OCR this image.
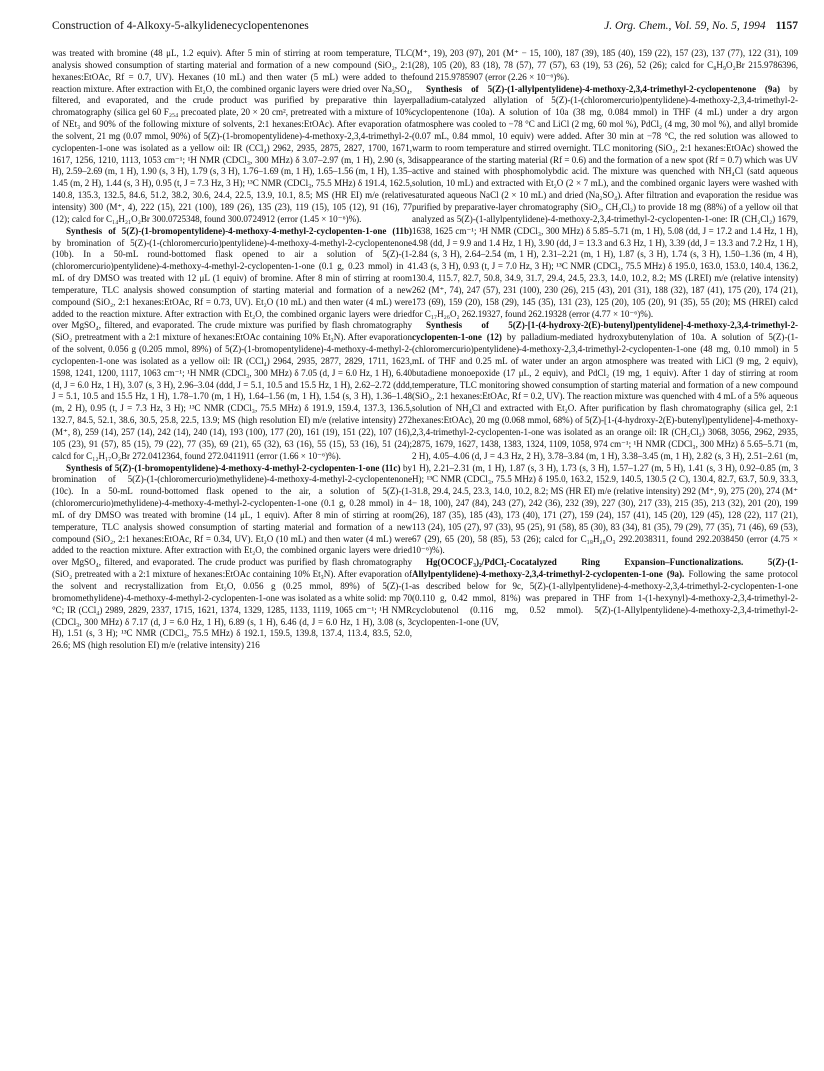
Construction of 4-Alkoxy-5-alkylidenecyclopentenones	J. Org. Chem., Vol. 59, No. 5, 1994 1157

was treated with bromine (48 μL, 1.2 equiv). After 5 min of stirring at room temperature, TLC analysis showed consumption of starting material and formation of a new compound (SiO₂, 2:1 hexanes:EtOAc, Rf = 0.7, UV). Hexanes (10 mL) and then water (5 mL) were added to the reaction mixture. After extraction with Et₂O, the combined organic layers were dried over Na₂SO₄, filtered, and evaporated, and the crude product was purified by preparative thin layer chromatography (silica gel 60 F₂₅₄ precoated plate, 20 × 20 cm², pretreated with a mixture of 10% of NEt₃ and 90% of the following mixture of solvents, 2:1 hexanes:EtOAc). After evaporation of the solvent, 21 mg (0.07 mmol, 90%) of 5(Z)-(1-bromopentylidene)-4-methoxy-2,3,4-trimethyl-2-cyclopenten-1-one was isolated as a yellow oil: IR (CCl₄) 2962, 2935, 2875, 2827, 1700, 1671, 1617, 1256, 1210, 1113, 1053 cm⁻¹; ¹H NMR (CDCl₃, 300 MHz) δ 3.07–2.97 (m, 1 H), 2.90 (s, 3 H), 2.59–2.69 (m, 1 H), 1.90 (s, 3 H), 1.79 (s, 3 H), 1.76–1.69 (m, 1 H), 1.65–1.56 (m, 1 H), 1.35–1.45 (m, 2 H), 1.44 (s, 3 H), 0.95 (t, J = 7.3 Hz, 3 H); ¹³C NMR (CDCl₃, 75.5 MHz) δ 191.4, 162.5, 140.8, 135.3, 132.5, 84.6, 51.2, 38.2, 30.6, 24.4, 22.5, 13.9, 10.1, 8.5; MS (HR EI) m/e (relative intensity) 300 (M⁺, 4), 222 (15), 221 (100), 189 (26), 135 (23), 119 (15), 105 (12), 91 (16), 77 (12); calcd for C₁₄H₂₁O₂Br 300.0725348, found 300.0724912 (error (1.45 × 10⁻⁶)%).

Synthesis of 5(Z)-(1-bromopentylidene)-4-methoxy-4-methyl-2-cyclopenten-1-one (11b) by bromination of 5(Z)-(1-(chloromercurio)pentylidene)-4-methoxy-4-methyl-2-cyclopentenone (10b). In a 50-mL round-bottomed flask opened to air a solution of 5(Z)-(1-(chloromercurio)pentylidene)-4-methoxy-4-methyl-2-cyclopenten-1-one (0.1 g, 0.23 mmol) in 4 mL of dry DMSO was treated with 12 μL (1 equiv) of bromine. After 8 min of stirring at room temperature, TLC analysis showed consumption of starting material and formation of a new compound (SiO₂, 2:1 hexanes:EtOAc, Rf = 0.73, UV). Et₂O (10 mL) and then water (4 mL) were added to the reaction mixture. After extraction with Et₂O, the combined organic layers were dried over MgSO₄, filtered, and evaporated. The crude mixture was purified by flash chromatography (SiO₂ pretreatment with a 2:1 mixture of hexanes:EtOAc containing 10% Et₃N). After evaporation of the solvent, 0.056 g (0.205 mmol, 89%) of 5(Z)-(1-bromopentylidene)-4-methoxy-4-methyl-2-cyclopenten-1-one was isolated as a yellow oil: IR (CCl₄) 2964, 2935, 2877, 2829, 1711, 1623, 1598, 1241, 1200, 1117, 1063 cm⁻¹; ¹H NMR (CDCl₃, 300 MHz) δ 7.05 (d, J = 6.0 Hz, 1 H), 6.40 (d, J = 6.0 Hz, 1 H), 3.07 (s, 3 H), 2.96–3.04 (ddd, J = 5.1, 10.5 and 15.5 Hz, 1 H), 2.62–2.72 (ddd, J = 5.1, 10.5 and 15.5 Hz, 1 H), 1.78–1.70 (m, 1 H), 1.64–1.56 (m, 1 H), 1.54 (s, 3 H), 1.36–1.48 (m, 2 H), 0.95 (t, J = 7.3 Hz, 3 H); ¹³C NMR (CDCl₃, 75.5 MHz) δ 191.9, 159.4, 137.3, 136.5, 132.7, 84.5, 52.1, 38.6, 30.5, 25.8, 22.5, 13.9; MS (high resolution EI) m/e (relative intensity) 272 (M⁺, 8), 259 (14), 257 (14), 242 (14), 240 (14), 193 (100), 177 (20), 161 (19), 151 (22), 107 (16), 105 (23), 91 (57), 85 (15), 79 (22), 77 (35), 69 (21), 65 (32), 63 (16), 55 (15), 53 (16), 51 (24); calcd for C₁₂H₁₇O₂Br 272.0412364, found 272.0411911 (error (1.66 × 10⁻⁶)%).

Synthesis of 5(Z)-(1-bromopentylidene)-4-methoxy-4-methyl-2-cyclopenten-1-one (11c) by bromination of 5(Z)-(1-(chloromercurio)methylidene)-4-methoxy-4-methyl-2-cyclopentenone (10c). In a 50-mL round-bottomed flask opened to the air, a solution of 5(Z)-(1-(chloromercurio)methylidene)-4-methoxy-4-methyl-2-cyclopenten-1-one (0.1 g, 0.28 mmol) in 4 mL of dry DMSO was treated with bromine (14 μL, 1 equiv). After 8 min of stirring at room temperature, TLC analysis showed consumption of starting material and formation of a new compound (SiO₂, 2:1 hexanes:EtOAc, Rf = 0.34, UV). Et₂O (10 mL) and then water (4 mL) were added to the reaction mixture. After extraction with Et₂O, the combined organic layers were dried over MgSO₄, filtered, and evaporated. The crude product was purified by flash chromatography (SiO₂ pretreated with a 2:1 mixture of hexanes:EtOAc containing 10% Et₃N). After evaporation of the solvent and recrystallization from Et₂O, 0.056 g (0.25 mmol, 89%) of 5(Z)-(1-bromomethylidene)-4-methoxy-4-methyl-2-cyclopenten-1-one was isolated as a white solid: mp 70 °C; IR (CCl₄) 2989, 2829, 2337, 1715, 1621, 1374, 1329, 1285, 1133, 1119, 1065 cm⁻¹; ¹H NMR (CDCl₃, 300 MHz) δ 7.17 (d, J = 6.0 Hz, 1 H), 6.89 (s, 1 H), 6.46 (d, J = 6.0 Hz, 1 H), 3.08 (s, 3 H), 1.51 (s, 3 H); ¹³C NMR (CDCl₃, 75.5 MHz) δ 192.1, 159.5, 139.8, 137.4, 113.4, 83.5, 52.0, 26.6; MS (high resolution EI) m/e (relative intensity) 216

(M⁺, 19), 203 (97), 201 (M⁺ − 15, 100), 187 (39), 185 (40), 159 (22), 157 (23), 137 (77), 122 (31), 109 (28), 105 (20), 83 (18), 78 (57), 77 (57), 63 (19), 53 (26), 52 (26); calcd for C₈H₉O₂Br 215.9786396, found 215.9785907 (error (2.26 × 10⁻⁶)%).

Synthesis of 5(Z)-(1-allylpentylidene)-4-methoxy-2,3,4-trimethyl-2-cyclopentenone (9a) by palladium-catalyzed allylation of 5(Z)-(1-(chloromercurio)pentylidene)-4-methoxy-2,3,4-trimethyl-2-cyclopentenone (10a). A solution of 10a (38 mg, 0.084 mmol) in THF (4 mL) under a dry argon atmosphere was cooled to −78 °C and LiCl (2 mg, 60 mol %), PdCl₂ (4 mg, 30 mol %), and allyl bromide (0.07 mL, 0.84 mmol, 10 equiv) were added. After 30 min at −78 °C, the red solution was allowed to warm to room temperature and stirred overnight. TLC monitoring (SiO₂, 2:1 hexanes:EtOAc) showed the disappearance of the starting material (Rf = 0.6) and the formation of a new spot (Rf = 0.7) which was UV active and stained with phosphomolybdic acid. The mixture was quenched with NH₄Cl (satd aqueous solution, 10 mL) and extracted with Et₂O (2 × 7 mL), and the combined organic layers were washed with saturated aqueous NaCl (2 × 10 mL) and dried (Na₂SO₄). After filtration and evaporation the residue was purified by preparative-layer chromatography (SiO₂, CH₂Cl₂) to provide 18 mg (88%) of a yellow oil that analyzed as 5(Z)-(1-allylpentylidene)-4-methoxy-2,3,4-trimethyl-2-cyclopenten-1-one: IR (CH₂Cl₂) 1679, 1638, 1625 cm⁻¹; ¹H NMR (CDCl₃, 300 MHz) δ 5.85–5.71 (m, 1 H), 5.08 (dd, J = 17.2 and 1.4 Hz, 1 H), 4.98 (dd, J = 9.9 and 1.4 Hz, 1 H), 3.90 (dd, J = 13.3 and 6.3 Hz, 1 H), 3.39 (dd, J = 13.3 and 7.2 Hz, 1 H), 2.84 (s, 3 H), 2.64–2.54 (m, 1 H), 2.31–2.21 (m, 1 H), 1.87 (s, 3 H), 1.74 (s, 3 H), 1.50–1.36 (m, 4 H), 1.43 (s, 3 H), 0.93 (t, J = 7.0 Hz, 3 H); ¹³C NMR (CDCl₃, 75.5 MHz) δ 195.0, 163.0, 153.0, 140.4, 136.2, 130.4, 115.7, 82.7, 50.8, 34.9, 31.7, 29.4, 24.5, 23.3, 14.0, 10.2, 8.2; MS (LREI) m/e (relative intensity) 262 (M⁺, 74), 247 (57), 231 (100), 230 (26), 215 (43), 201 (31), 188 (32), 187 (41), 175 (20), 174 (21), 173 (69), 159 (20), 158 (29), 145 (35), 131 (23), 125 (20), 105 (20), 91 (35), 55 (20); MS (HREI) calcd for C₁₇H₂₆O₂ 262.19327, found 262.19328 (error (4.77 × 10⁻⁶)%).

Synthesis of 5(Z)-[1-(4-hydroxy-2(E)-butenyl)pentylidene]-4-methoxy-2,3,4-trimethyl-2-cyclopenten-1-one (12) by palladium-mediated hydroxybutenylation of 10a. A solution of 5(Z)-(1-(chloromercurio)pentylidene)-4-methoxy-2,3,4-trimethyl-2-cyclopenten-1-one (48 mg, 0.10 mmol) in 5 mL of THF and 0.25 mL of water under an argon atmosphere was treated with LiCl (9 mg, 2 equiv), butadiene monoepoxide (17 μL, 2 equiv), and PdCl₂ (19 mg, 1 equiv). After 1 day of stirring at room temperature, TLC monitoring showed consumption of starting material and formation of a new compound (SiO₂, 2:1 hexanes:EtOAc, Rf = 0.2, UV). The reaction mixture was quenched with 4 mL of a 5% aqueous solution of NH₄Cl and extracted with Et₂O. After purification by flash chromatography (silica gel, 2:1 hexanes:EtOAc), 20 mg (0.068 mmol, 68%) of 5(Z)-[1-(4-hydroxy-2(E)-butenyl)pentylidene]-4-methoxy-2,3,4-trimethyl-2-cyclopenten-1-one was isolated as an orange oil: IR (CH₂Cl₂) 3068, 3056, 2962, 2935, 2875, 1679, 1627, 1438, 1383, 1324, 1109, 1058, 974 cm⁻¹; ¹H NMR (CDCl₃, 300 MHz) δ 5.65–5.71 (m, 2 H), 4.05–4.06 (d, J = 4.3 Hz, 2 H), 3.78–3.84 (m, 1 H), 3.38–3.45 (m, 1 H), 2.82 (s, 3 H), 2.51–2.61 (m, 1 H), 2.21–2.31 (m, 1 H), 1.87 (s, 3 H), 1.73 (s, 3 H), 1.57–1.27 (m, 5 H), 1.41 (s, 3 H), 0.92–0.85 (m, 3 H); ¹³C NMR (CDCl₃, 75.5 MHz) δ 195.0, 163.2, 152.9, 140.5, 130.5 (2 C), 130.4, 82.7, 63.7, 50.9, 33.3, 31.8, 29.4, 24.5, 23.3, 14.0, 10.2, 8.2; MS (HR EI) m/e (relative intensity) 292 (M⁺, 9), 275 (20), 274 (M⁺ − 18, 100), 247 (84), 243 (27), 242 (36), 232 (39), 227 (30), 217 (33), 215 (35), 213 (32), 201 (20), 199 (26), 187 (35), 185 (43), 173 (40), 171 (27), 159 (24), 157 (41), 145 (20), 129 (45), 128 (22), 117 (21), 113 (24), 105 (27), 97 (33), 95 (25), 91 (58), 85 (30), 83 (34), 81 (35), 79 (29), 77 (35), 71 (46), 69 (53), 67 (29), 65 (20), 58 (85), 53 (26); calcd for C₁₈H₂₈O₃ 292.2038311, found 292.2038450 (error (4.75 × 10⁻⁶)%).

Hg(OCOCF₃)₂/PdCl₂-Cocatalyzed Ring Expansion–Functionalizations. 5(Z)-(1-Allylpentylidene)-4-methoxy-2,3,4-trimethyl-2-cyclopenten-1-one (9a). Following the same protocol as described below for 9c, 5(Z)-(1-allylpentylidene)-4-methoxy-2,3,4-trimethyl-2-cyclopenten-1-one (0.110 g, 0.42 mmol, 81%) was prepared in THF from 1-(1-hexynyl)-4-methoxy-2,3,4-trimethyl-2-cyclobutenol (0.116 mg, 0.52 mmol). 5(Z)-(1-Allylpentylidene)-4-methoxy-2,3,4-trimethyl-2-cyclopenten-1-one (UV,
